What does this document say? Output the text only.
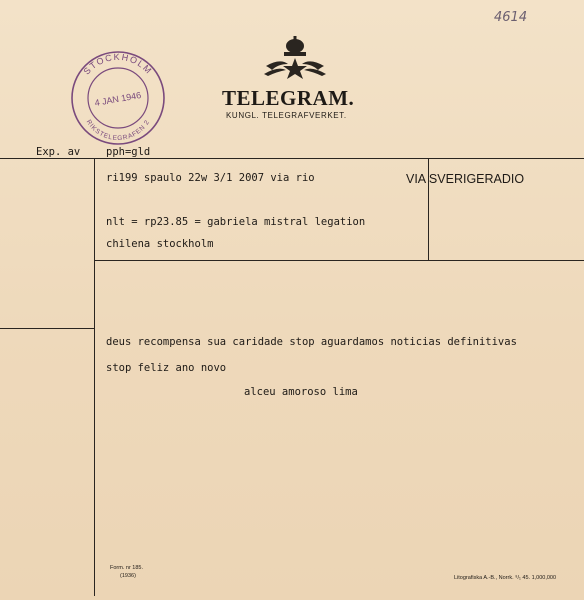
4614
STOCKHOLM
RIKSTELEGRAFEN 2
4 JAN 1946	TELEGRAM.
KUNGL. TELEGRAFVERKET.
Exp. av pph=gld
ri199 spaulo 22w 3/1 2007 via rio	VIA SVERIGERADIO
nlt = rp23.85 = gabriela mistral legation
chilena stockholm
deus recompensa sua caridade stop aguardamos noticias definitivas
stop feliz ano novo
alceu amoroso lima
Form. nr 185.
(1936)	Litografiska A.-B., Norrk. ⁹/₁ 45. 1,000,000
